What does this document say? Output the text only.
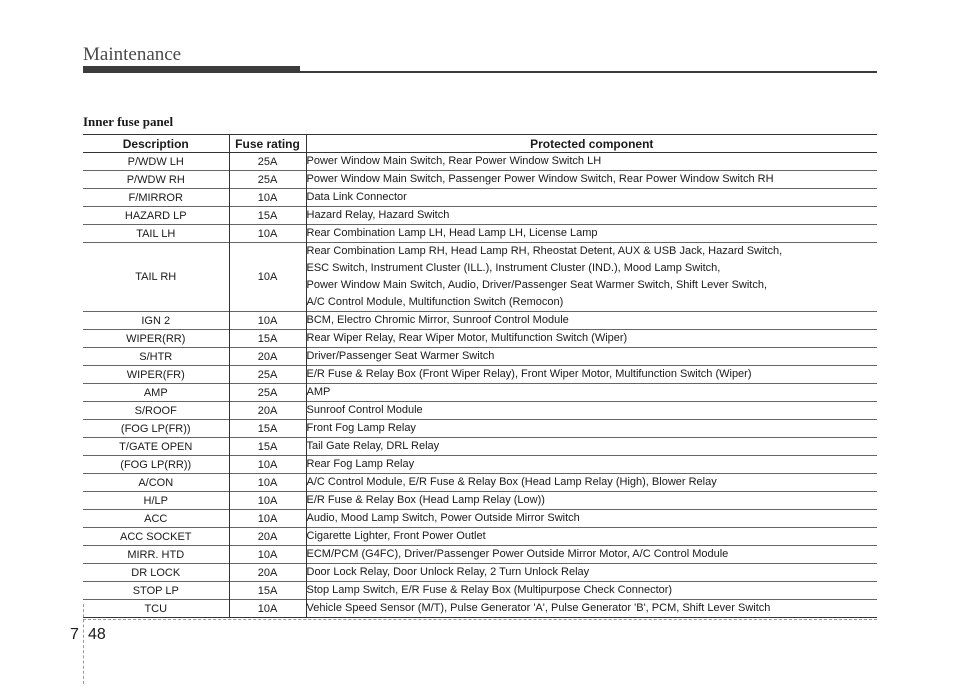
Maintenance
Inner fuse panel
Description	Fuse rating	Protected component
P/WDW LH	25A	Power Window Main Switch, Rear Power Window Switch LH

P/WDW RH	25A	Power Window Main Switch, Passenger Power Window Switch, Rear Power Window Switch RH

F/MIRROR	10A	Data Link Connector

HAZARD LP	15A	Hazard Relay, Hazard Switch

TAIL LH	10A	Rear Combination Lamp LH, Head Lamp LH, License Lamp

TAIL RH	10A	Rear Combination Lamp RH, Head Lamp RH, Rheostat Detent, AUX & USB Jack, Hazard Switch,
ESC Switch, Instrument Cluster (ILL.), Instrument Cluster (IND.), Mood Lamp Switch,
Power Window Main Switch, Audio, Driver/Passenger Seat Warmer Switch, Shift Lever Switch,
A/C Control Module, Multifunction Switch (Remocon)

IGN 2	10A	BCM, Electro Chromic Mirror, Sunroof Control Module

WIPER(RR)	15A	Rear Wiper Relay, Rear Wiper Motor, Multifunction Switch (Wiper)

S/HTR	20A	Driver/Passenger Seat Warmer Switch

WIPER(FR)	25A	E/R Fuse & Relay Box (Front Wiper Relay), Front Wiper Motor, Multifunction Switch (Wiper)

AMP	25A	AMP

S/ROOF	20A	Sunroof Control Module

(FOG LP(FR))	15A	Front Fog Lamp Relay

T/GATE OPEN	15A	Tail Gate Relay, DRL Relay

(FOG LP(RR))	10A	Rear Fog Lamp Relay

A/CON	10A	A/C Control Module, E/R Fuse & Relay Box (Head Lamp Relay (High), Blower Relay

H/LP	10A	E/R Fuse & Relay Box (Head Lamp Relay (Low))

ACC	10A	Audio, Mood Lamp Switch, Power Outside Mirror Switch

ACC SOCKET	20A	Cigarette Lighter, Front Power Outlet

MIRR. HTD	10A	ECM/PCM (G4FC), Driver/Passenger Power Outside Mirror Motor, A/C Control Module

DR LOCK	20A	Door Lock Relay, Door Unlock Relay, 2 Turn Unlock Relay

STOP LP	15A	Stop Lamp Switch, E/R Fuse & Relay Box (Multipurpose Check Connector)

TCU	10A	Vehicle Speed Sensor (M/T), Pulse Generator 'A', Pulse Generator 'B', PCM, Shift Lever Switch
7 48
